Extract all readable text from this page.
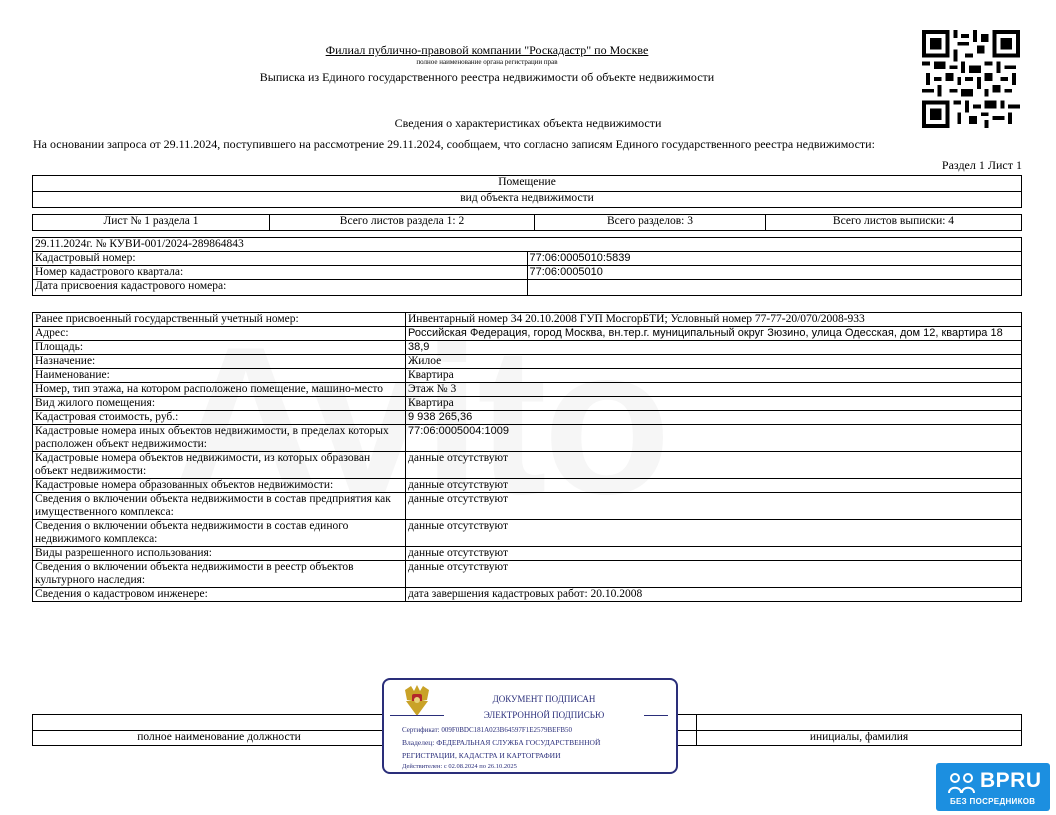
Филиал публично-правовой компании "Роскадастр" по Москве
полное наименование органа регистрации прав
Выписка из Единого государственного реестра недвижимости об объекте недвижимости
Сведения о характеристиках объекта недвижимости
На основании запроса от 29.11.2024, поступившего на рассмотрение 29.11.2024, сообщаем, что согласно записям Единого государственного реестра недвижимости:
Раздел 1 Лист 1
Помещение
вид объекта недвижимости
Лист № 1 раздела 1	Всего листов раздела 1: 2	Всего разделов: 3	Всего листов выписки: 4
29.11.2024г. № КУВИ-001/2024-289864843	
Кадастровый номер:	77:06:0005010:5839
Номер кадастрового квартала:	77:06:0005010
Дата присвоения кадастрового номера:	
Ранее присвоенный государственный учетный номер:	Инвентарный номер 34 20.10.2008 ГУП МосгорБТИ; Условный номер 77-77-20/070/2008-933
Адрес:	Российская Федерация, город Москва, вн.тер.г. муниципальный округ Зюзино, улица Одесская, дом 12, квартира 18
Площадь:	38,9
Назначение:	Жилое
Наименование:	Квартира
Номер, тип этажа, на котором расположено помещение, машино-место	Этаж № 3
Вид жилого помещения:	Квартира
Кадастровая стоимость, руб.:	9 938 265,36
Кадастровые номера иных объектов недвижимости, в пределах которых расположен объект недвижимости:	77:06:0005004:1009
Кадастровые номера объектов недвижимости, из которых образован объект недвижимости:	данные отсутствуют
Кадастровые номера образованных объектов недвижимости:	данные отсутствуют
Сведения о включении объекта недвижимости в состав предприятия как имущественного комплекса:	данные отсутствуют
Сведения о включении объекта недвижимости в состав единого недвижимого комплекса:	данные отсутствуют
Виды разрешенного использования:	данные отсутствуют
Сведения о включении объекта недвижимости в реестр объектов культурного наследия:	данные отсутствуют
Сведения о кадастровом инженере:	дата завершения кадастровых работ: 20.10.2008

полное наименование должности		инициалы, фамилия
ДОКУМЕНТ ПОДПИСАН
ЭЛЕКТРОННОЙ ПОДПИСЬЮ
Сертификат: 009F0BDC181A023B64597F1E2579BEFB50
Владелец: ФЕДЕРАЛЬНАЯ СЛУЖБА ГОСУДАРСТВЕННОЙ
РЕГИСТРАЦИИ, КАДАСТРА И КАРТОГРАФИИ
Действителен: с 02.08.2024 по 26.10.2025
BPRU
БЕЗ ПОСРЕДНИКОВ
